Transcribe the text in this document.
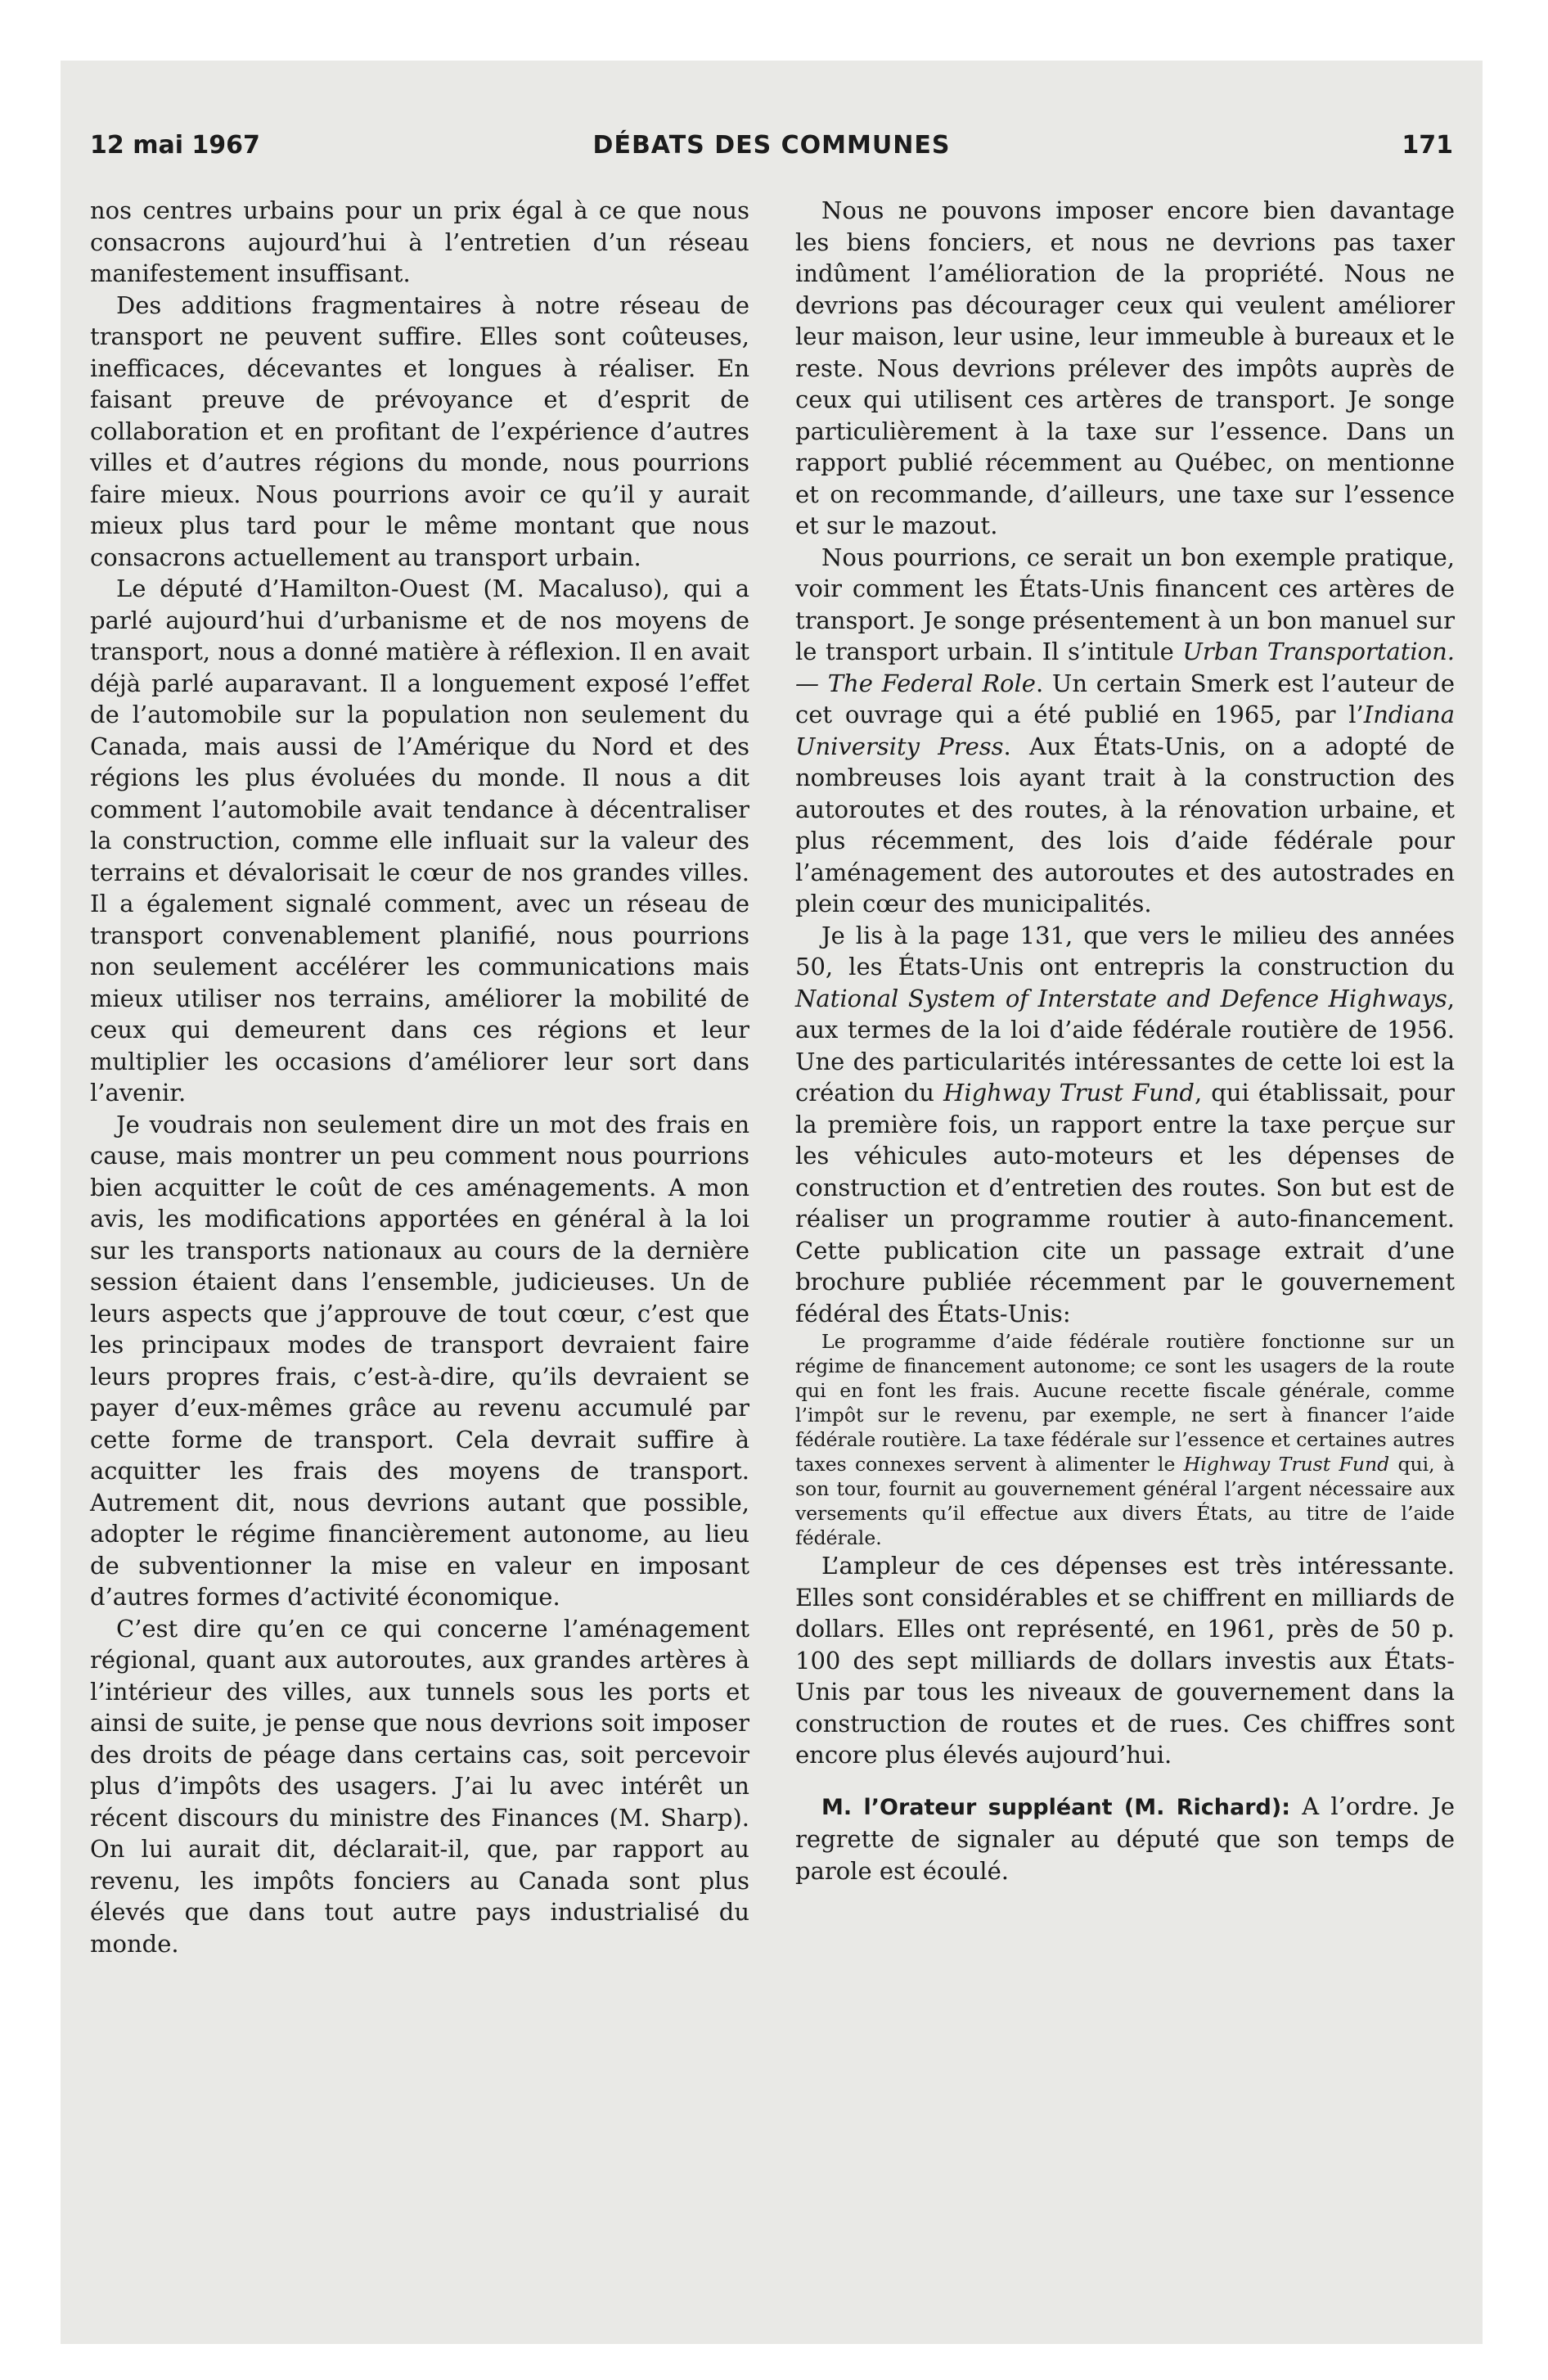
12 mai 1967	DÉBATS DES COMMUNES	171

nos centres urbains pour un prix égal à ce que nous consacrons aujourd’hui à l’entretien d’un réseau manifestement insuffisant.

Des additions fragmentaires à notre réseau de transport ne peuvent suffire. Elles sont coûteuses, inefficaces, décevantes et longues à réaliser. En faisant preuve de prévoyance et d’esprit de collaboration et en profitant de l’expérience d’autres villes et d’autres régions du monde, nous pourrions faire mieux. Nous pourrions avoir ce qu’il y aurait mieux plus tard pour le même montant que nous consacrons actuellement au transport urbain.

Le député d’Hamilton-Ouest (M. Macaluso), qui a parlé aujourd’hui d’urbanisme et de nos moyens de transport, nous a donné matière à réflexion. Il en avait déjà parlé auparavant. Il a longuement exposé l’effet de l’automobile sur la population non seulement du Canada, mais aussi de l’Amérique du Nord et des régions les plus évoluées du monde. Il nous a dit comment l’automobile avait tendance à décentraliser la construction, comme elle influait sur la valeur des terrains et dévalorisait le cœur de nos grandes villes. Il a également signalé comment, avec un réseau de transport convenablement planifié, nous pourrions non seulement accélérer les communications mais mieux utiliser nos terrains, améliorer la mobilité de ceux qui demeurent dans ces régions et leur multiplier les occasions d’améliorer leur sort dans l’avenir.

Je voudrais non seulement dire un mot des frais en cause, mais montrer un peu comment nous pourrions bien acquitter le coût de ces aménagements. A mon avis, les modifications apportées en général à la loi sur les transports nationaux au cours de la dernière session étaient dans l’ensemble, judicieuses. Un de leurs aspects que j’approuve de tout cœur, c’est que les principaux modes de transport devraient faire leurs propres frais, c’est-à-dire, qu’ils devraient se payer d’eux-mêmes grâce au revenu accumulé par cette forme de transport. Cela devrait suffire à acquitter les frais des moyens de transport. Autrement dit, nous devrions autant que possible, adopter le régime financièrement autonome, au lieu de subventionner la mise en valeur en imposant d’autres formes d’activité économique.

C’est dire qu’en ce qui concerne l’aménagement régional, quant aux autoroutes, aux grandes artères à l’intérieur des villes, aux tunnels sous les ports et ainsi de suite, je pense que nous devrions soit imposer des droits de péage dans certains cas, soit percevoir plus d’impôts des usagers. J’ai lu avec intérêt un récent discours du ministre des Finances (M. Sharp). On lui aurait dit, déclarait-il, que, par rapport au revenu, les impôts fonciers au Canada sont plus élevés que dans tout autre pays industrialisé du monde.

Nous ne pouvons imposer encore bien davantage les biens fonciers, et nous ne devrions pas taxer indûment l’amélioration de la propriété. Nous ne devrions pas décourager ceux qui veulent améliorer leur maison, leur usine, leur immeuble à bureaux et le reste. Nous devrions prélever des impôts auprès de ceux qui utilisent ces artères de transport. Je songe particulièrement à la taxe sur l’essence. Dans un rapport publié récemment au Québec, on mentionne et on recommande, d’ailleurs, une taxe sur l’essence et sur le mazout.

Nous pourrions, ce serait un bon exemple pratique, voir comment les États-Unis financent ces artères de transport. Je songe présentement à un bon manuel sur le transport urbain. Il s’intitule Urban Transportation.— The Federal Role. Un certain Smerk est l’auteur de cet ouvrage qui a été publié en 1965, par l’Indiana University Press. Aux États-Unis, on a adopté de nombreuses lois ayant trait à la construction des autoroutes et des routes, à la rénovation urbaine, et plus récemment, des lois d’aide fédérale pour l’aménagement des autoroutes et des autostrades en plein cœur des municipalités.

Je lis à la page 131, que vers le milieu des années 50, les États-Unis ont entrepris la construction du National System of Interstate and Defence Highways, aux termes de la loi d’aide fédérale routière de 1956. Une des particularités intéressantes de cette loi est la création du Highway Trust Fund, qui établissait, pour la première fois, un rapport entre la taxe perçue sur les véhicules auto-moteurs et les dépenses de construction et d’entretien des routes. Son but est de réaliser un programme routier à auto-financement. Cette publication cite un passage extrait d’une brochure publiée récemment par le gouvernement fédéral des États-Unis:

Le programme d’aide fédérale routière fonctionne sur un régime de financement autonome; ce sont les usagers de la route qui en font les frais. Aucune recette fiscale générale, comme l’impôt sur le revenu, par exemple, ne sert à financer l’aide fédérale routière. La taxe fédérale sur l’essence et certaines autres taxes connexes servent à alimenter le Highway Trust Fund qui, à son tour, fournit au gouvernement général l’argent nécessaire aux versements qu’il effectue aux divers États, au titre de l’aide fédérale.

L’ampleur de ces dépenses est très intéressante. Elles sont considérables et se chiffrent en milliards de dollars. Elles ont représenté, en 1961, près de 50 p. 100 des sept milliards de dollars investis aux États-Unis par tous les niveaux de gouvernement dans la construction de routes et de rues. Ces chiffres sont encore plus élevés aujourd’hui.

M. l’Orateur suppléant (M. Richard): A l’ordre. Je regrette de signaler au député que son temps de parole est écoulé.
